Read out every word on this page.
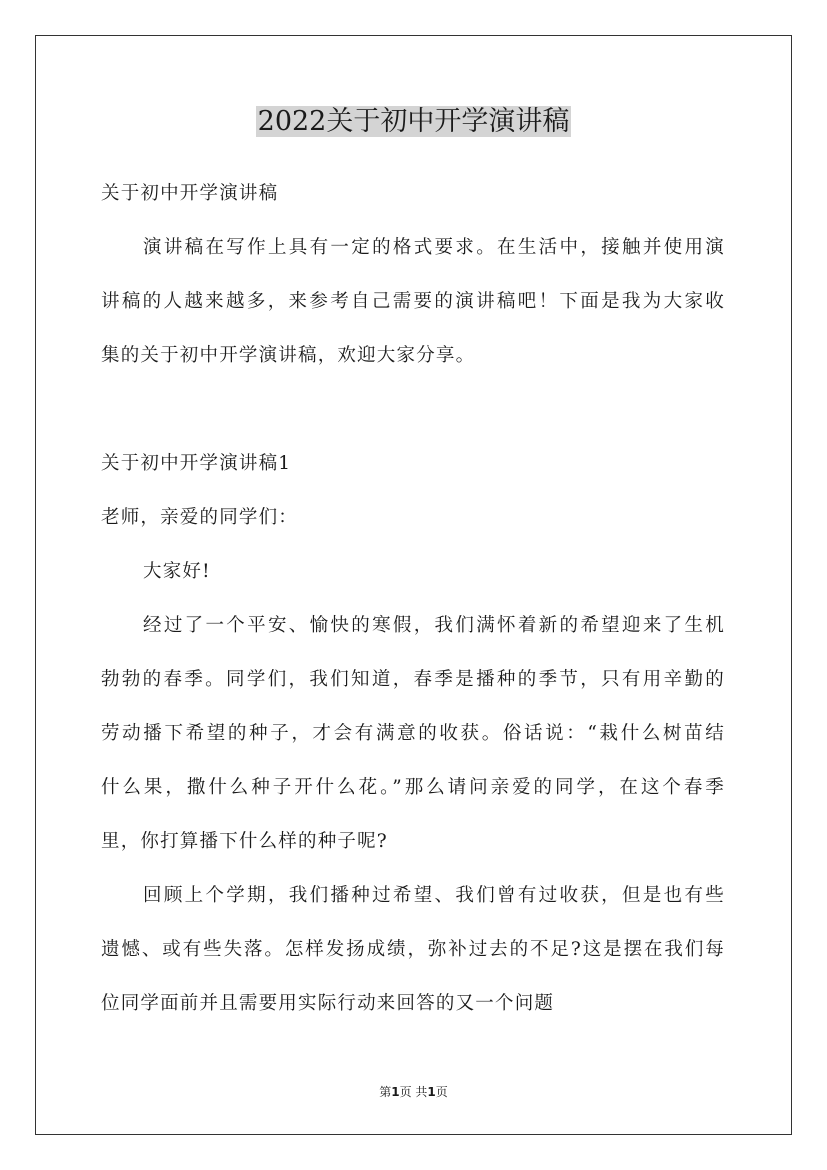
2022关于初中开学演讲稿
关于初中开学演讲稿
演讲稿在写作上具有一定的格式要求。在生活中，接触并使用演
讲稿的人越来越多，来参考自己需要的演讲稿吧！下面是我为大家收
集的关于初中开学演讲稿，欢迎大家分享。
关于初中开学演讲稿1
老师，亲爱的同学们：
大家好!
经过了一个平安、愉快的寒假，我们满怀着新的希望迎来了生机
勃勃的春季。同学们，我们知道，春季是播种的季节，只有用辛勤的
劳动播下希望的种子，才会有满意的收获。俗话说：“栽什么树苗结
什么果，撒什么种子开什么花。”那么请问亲爱的同学，在这个春季
里，你打算播下什么样的种子呢?
回顾上个学期，我们播种过希望、我们曾有过收获，但是也有些
遗憾、或有些失落。怎样发扬成绩，弥补过去的不足?这是摆在我们每
位同学面前并且需要用实际行动来回答的又一个问题
第1页 共1页
